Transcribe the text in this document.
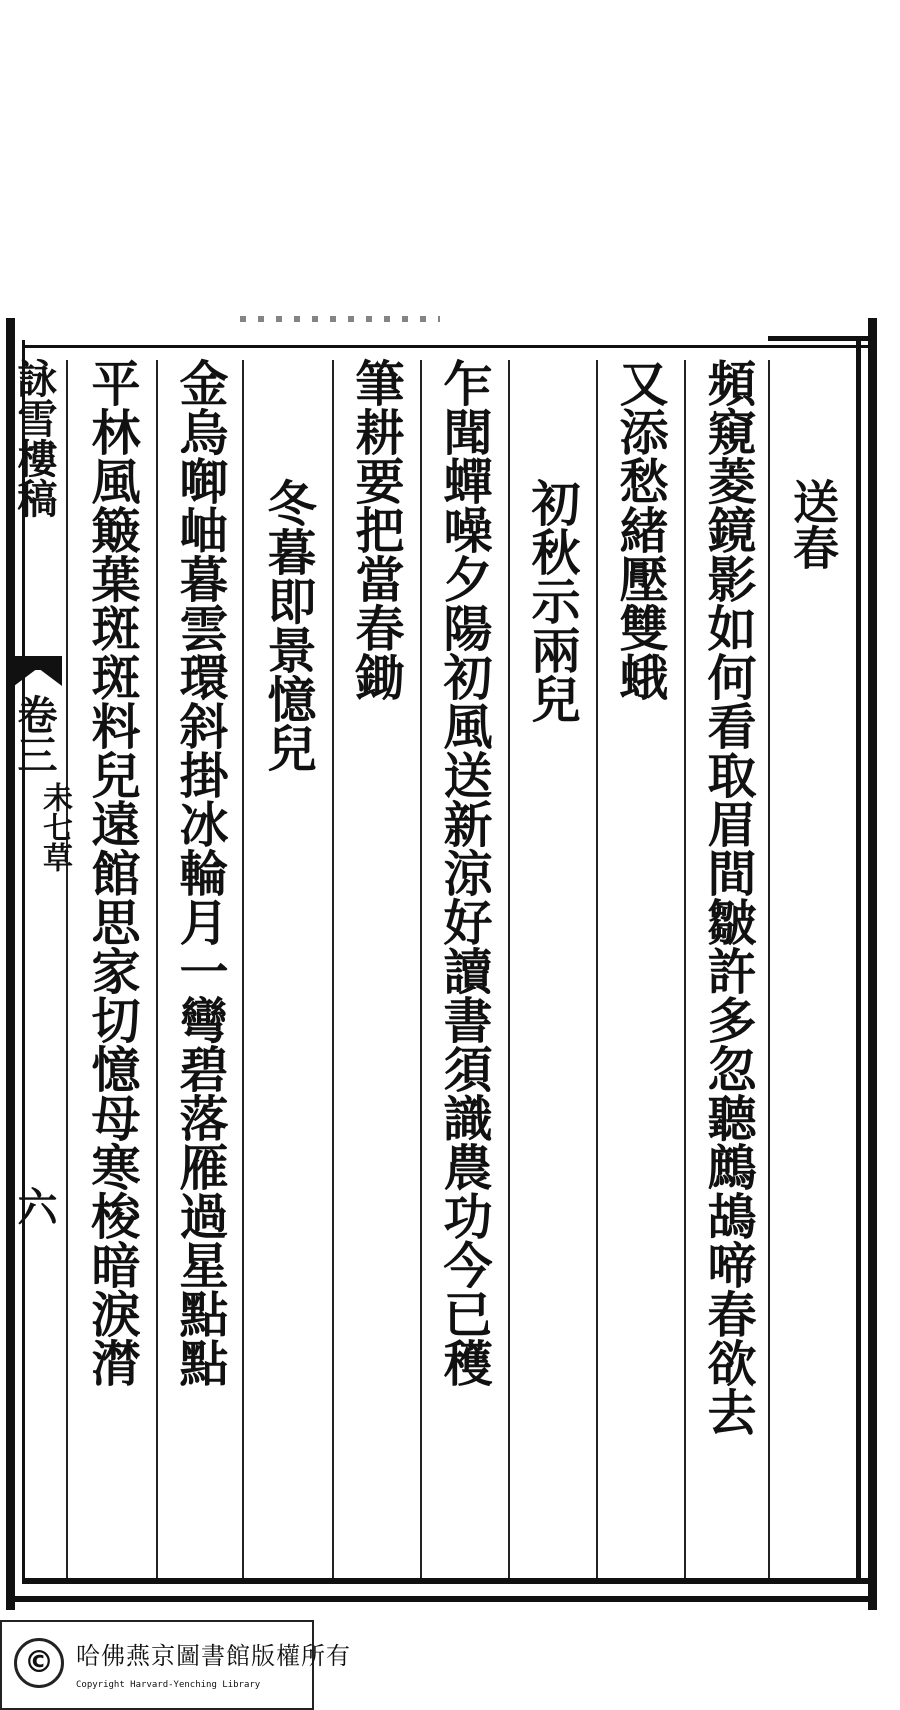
送春
頻窺菱鏡影如何看取眉間皺許多忽聽鷓鴣啼春欲去
又添愁緒壓雙蛾
初秋示兩兒
乍聞蟬噪夕陽初風送新涼好讀書須識農功今已穫
筆耕要把當春鋤
冬暮即景憶兒
金烏啣岫暮雲環斜掛冰輪月一彎碧落雁過星點點
平林風簸葉斑斑料兒遠館思家切憶母寒梭暗淚潸
詠雪樓稿
卷三
未七草
六
© 哈佛燕京圖書館版權所有
Copyright Harvard-Yenching Library
